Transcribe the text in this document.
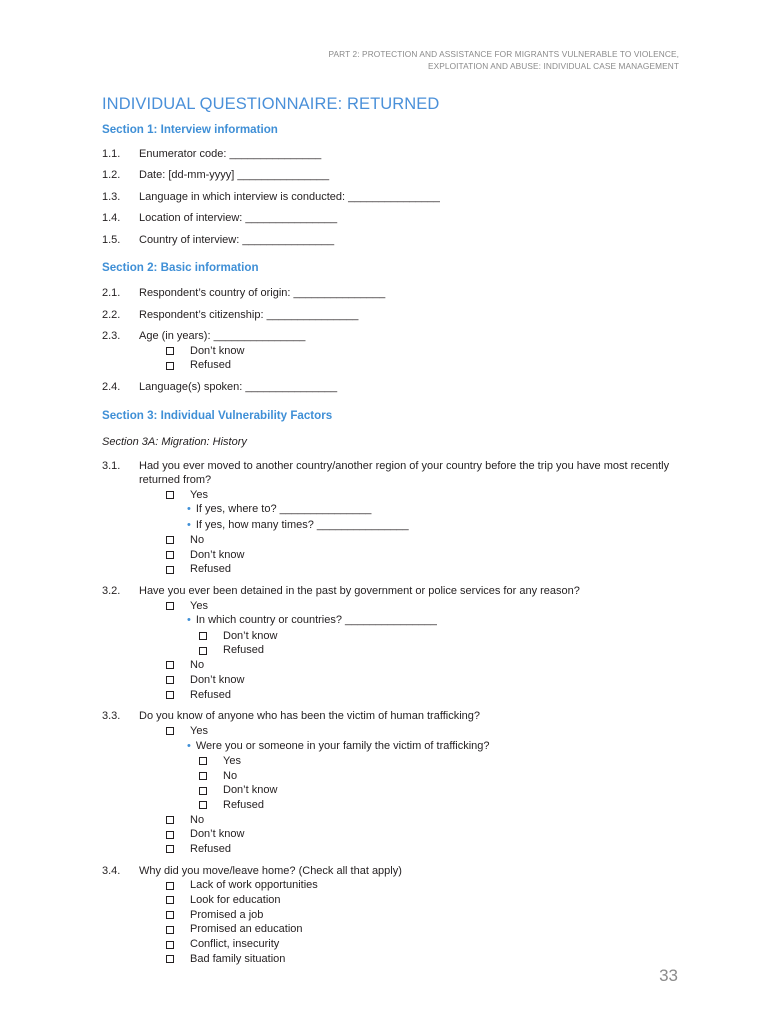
PART 2: PROTECTION AND ASSISTANCE FOR MIGRANTS VULNERABLE TO VIOLENCE,
EXPLOITATION AND ABUSE: INDIVIDUAL CASE MANAGEMENT
INDIVIDUAL QUESTIONNAIRE: RETURNED
Section 1: Interview information
1.1.	Enumerator code: _______________
1.2.	Date: [dd-mm-yyyy] _______________
1.3.	Language in which interview is conducted: _______________
1.4.	Location of interview: _______________
1.5.	Country of interview: _______________
Section 2: Basic information
2.1.	Respondent’s country of origin: _______________
2.2.	Respondent’s citizenship: _______________
2.3.	Age (in years): _______________
Don’t know
Refused
2.4.	Language(s) spoken: _______________
Section 3: Individual Vulnerability Factors
Section 3A: Migration: History
3.1.	Had you ever moved to another country/another region of your country before the trip you have most recently returned from?
Yes
• If yes, where to? _______________
• If yes, how many times? _______________
No
Don’t know
Refused
3.2.	Have you ever been detained in the past by government or police services for any reason?
Yes
• In which country or countries? _______________
Don’t know
Refused
No
Don’t know
Refused
3.3.	Do you know of anyone who has been the victim of human trafficking?
Yes
• Were you or someone in your family the victim of trafficking?
Yes
No
Don’t know
Refused
No
Don’t know
Refused
3.4.	Why did you move/leave home? (Check all that apply)
Lack of work opportunities
Look for education
Promised a job
Promised an education
Conflict, insecurity
Bad family situation
33
